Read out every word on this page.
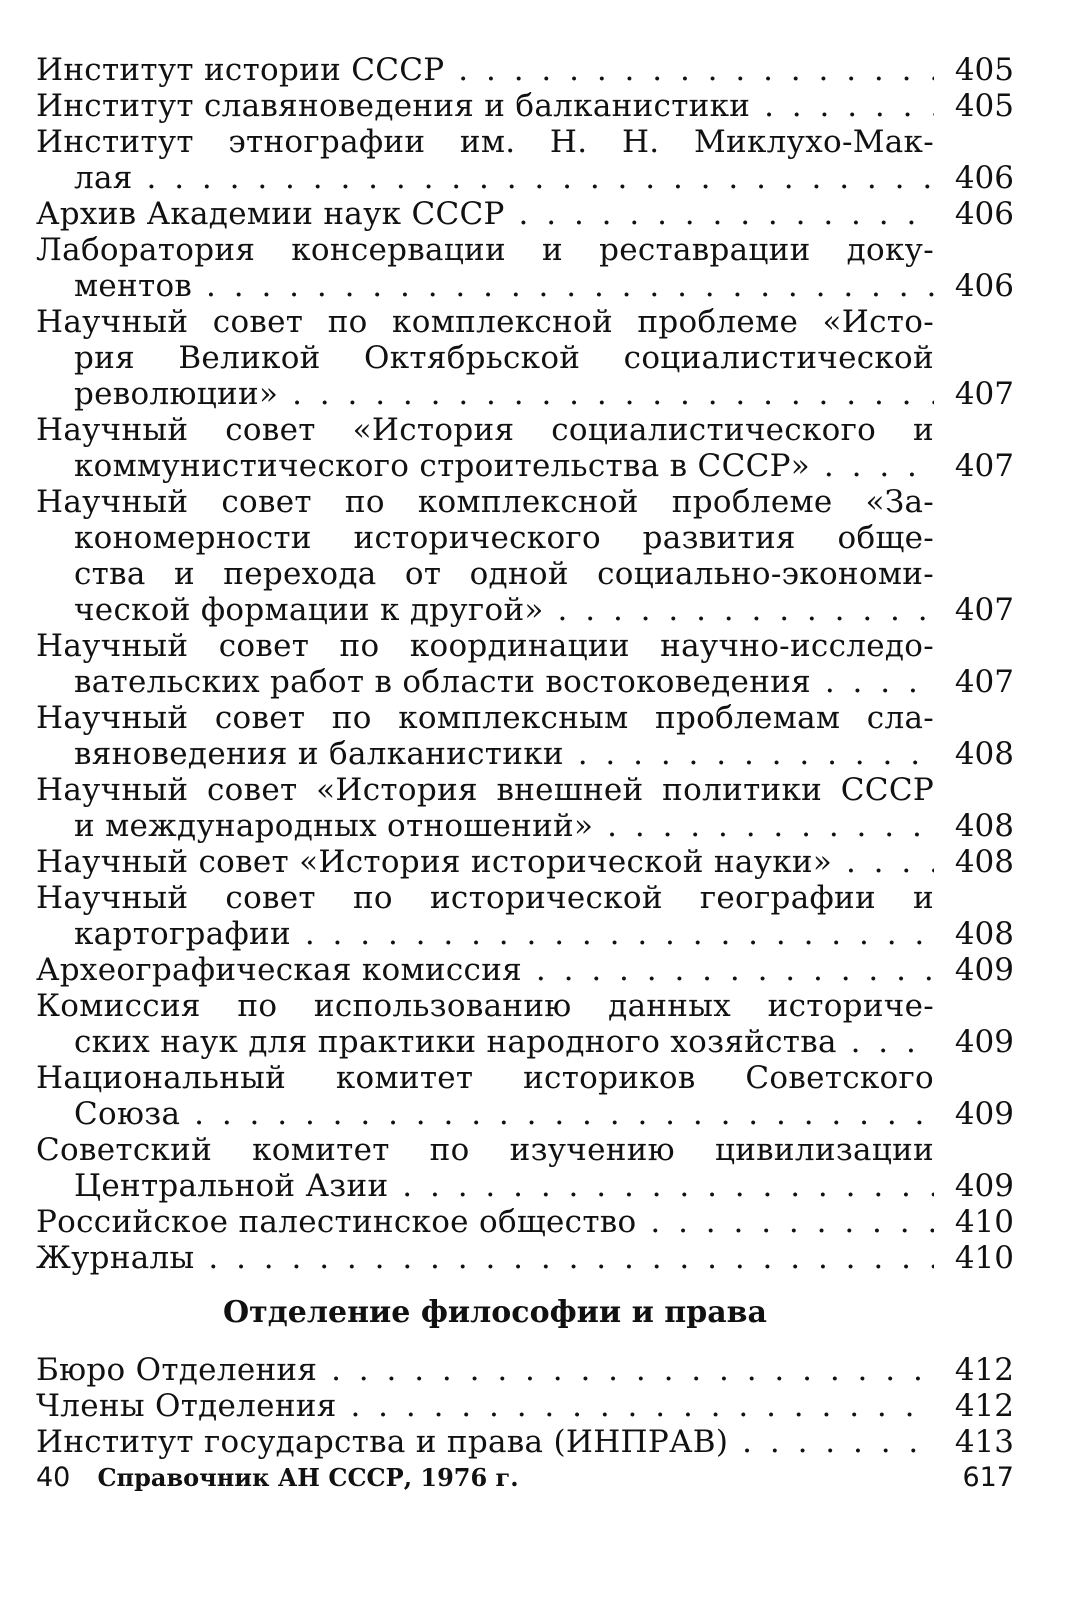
Институт истории СССР . . .	405
Институт славяноведения и балканистики . . .	405
Институт этнографии им. Н. Н. Миклухо-Мак-
лая . . .	406
Архив Академии наук СССР . . .	406
Лаборатория консервации и реставрации доку-
ментов . . .	406
Научный совет по комплексной проблеме «Исто-
рия Великой Октябрьской социалистической
революции» . . .	407
Научный совет «История социалистического и
коммунистического строительства в СССР» . . .	407
Научный совет по комплексной проблеме «За-
кономерности исторического развития обще-
ства и перехода от одной социально-экономи-
ческой формации к другой» . . .	407
Научный совет по координации научно-исследо-
вательских работ в области востоковедения . . .	407
Научный совет по комплексным проблемам сла-
вяноведения и балканистики . . .	408
Научный совет «История внешней политики СССР
и международных отношений» . . .	408
Научный совет «История исторической науки» . . .	408
Научный совет по исторической географии и
картографии . . .	408
Археографическая комиссия . . .	409
Комиссия по использованию данных историче-
ских наук для практики народного хозяйства . . .	409
Национальный комитет историков Советского
Союза . . .	409
Советский комитет по изучению цивилизации
Центральной Азии . . .	409
Российское палестинское общество . . .	410
Журналы . . .	410
Отделение философии и права
Бюро Отделения . . .	412
Члены Отделения . . .	412
Институт государства и права (ИНПРАВ) . . .	413
40 Справочник АН СССР, 1976 г.	617
